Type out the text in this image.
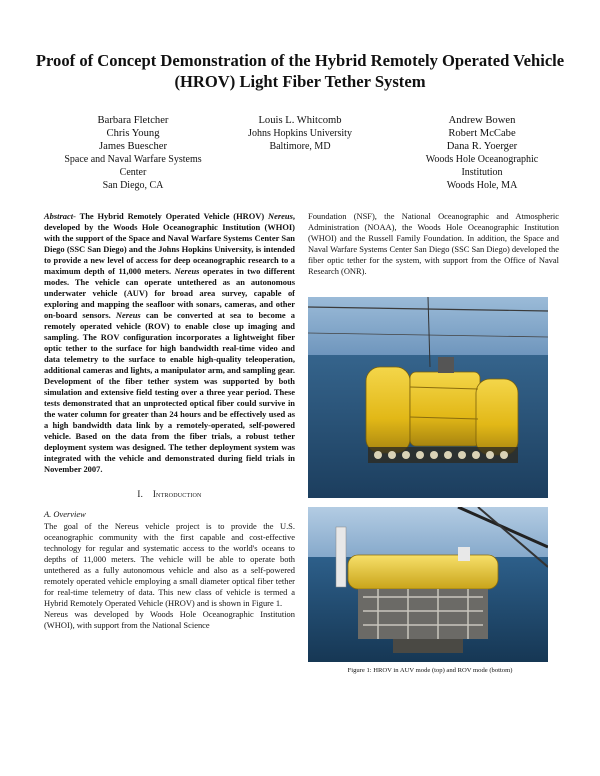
Proof of Concept Demonstration of the Hybrid Remotely Operated Vehicle (HROV) Light Fiber Tether System
Barbara Fletcher
Chris Young
James Buescher
Space and Naval Warfare Systems
Center
San Diego, CA
Louis L. Whitcomb
Johns Hopkins University
Baltimore, MD
Andrew Bowen
Robert McCabe
Dana R. Yoerger
Woods Hole Oceanographic
Institution
Woods Hole, MA
Abstract- The Hybrid Remotely Operated Vehicle (HROV) Nereus, developed by the Woods Hole Oceanographic Institution (WHOI) with the support of the Space and Naval Warfare Systems Center San Diego (SSC San Diego) and the Johns Hopkins University, is intended to provide a new level of access for deep oceanographic research to a maximum depth of 11,000 meters. Nereus operates in two different modes. The vehicle can operate untethered as an autonomous underwater vehicle (AUV) for broad area survey, capable of exploring and mapping the seafloor with sonars, cameras, and other on-board sensors. Nereus can be converted at sea to become a remotely operated vehicle (ROV) to enable close up imaging and sampling. The ROV configuration incorporates a lightweight fiber optic tether to the surface for high bandwidth real-time video and data telemetry to the surface to enable high-quality teleoperation, additional cameras and lights, a manipulator arm, and sampling gear. Development of the fiber tether system was supported by both simulation and extensive field testing over a three year period. These tests demonstrated that an unprotected optical fiber could survive in the water column for greater than 24 hours and be effectively used as a high bandwidth data link by a remotely-operated, self-powered vehicle. Based on the data from the fiber trials, a robust tether deployment system was designed. The tether deployment system was integrated with the vehicle and demonstrated during field trials in November 2007.
I. Introduction
A. Overview
The goal of the Nereus vehicle project is to provide the U.S. oceanographic community with the first capable and cost-effective technology for regular and systematic access to the world's oceans to depths of 11,000 meters. The vehicle will be able to operate both untethered as a fully autonomous vehicle and also as a self-powered remotely operated vehicle employing a small diameter optical fiber tether for real-time telemetry of data. This new class of vehicle is termed a Hybrid Remotely Operated Vehicle (HROV) and is shown in Figure 1.
Nereus was developed by Woods Hole Oceanographic Institution (WHOI), with support from the National Science
Foundation (NSF), the National Oceanographic and Atmospheric Administration (NOAA), the Woods Hole Oceanographic Institution (WHOI) and the Russell Family Foundation. In addition, the Space and Naval Warfare Systems Center San Diego (SSC San Diego) developed the fiber optic tether for the system, with support from the Office of Naval Research (ONR).
Figure 1: HROV in AUV mode (top) and ROV mode (bottom)
